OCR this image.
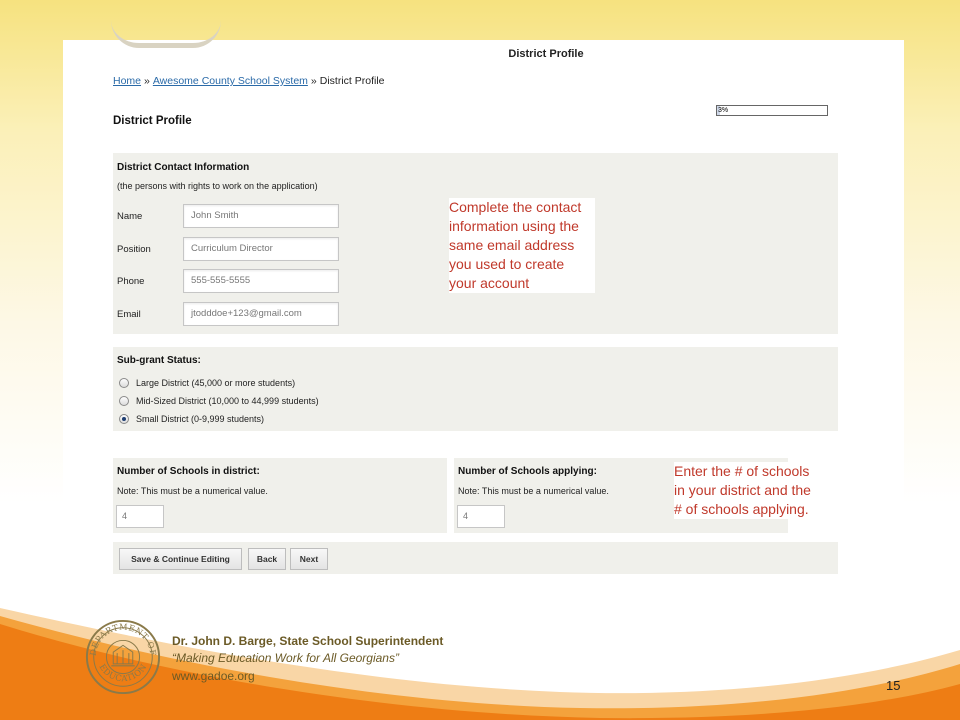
District Profile
Home » Awesome County School System » District Profile
District Profile
3%
District Contact Information
(the persons with rights to work on the application)
Name	John Smith
Position	Curriculum Director
Phone	555-555-5555
Email	jtodddoe+123@gmail.com
Sub-grant Status:
Large District (45,000 or more students)
Mid-Sized District (10,000 to 44,999 students)
Small District (0-9,999 students)
Number of Schools in district:
Note: This must be a numerical value.
4
Number of Schools applying:
Note: This must be a numerical value.
4
Save & Continue Editing	Back	Next
Complete the contact information using the same email address you used to create your account
Enter the # of schools in your district and the # of schools applying.
DEPARTMENT OF
EDUCATION
Dr. John D. Barge, State School Superintendent
“Making Education Work for All Georgians”
www.gadoe.org
15
